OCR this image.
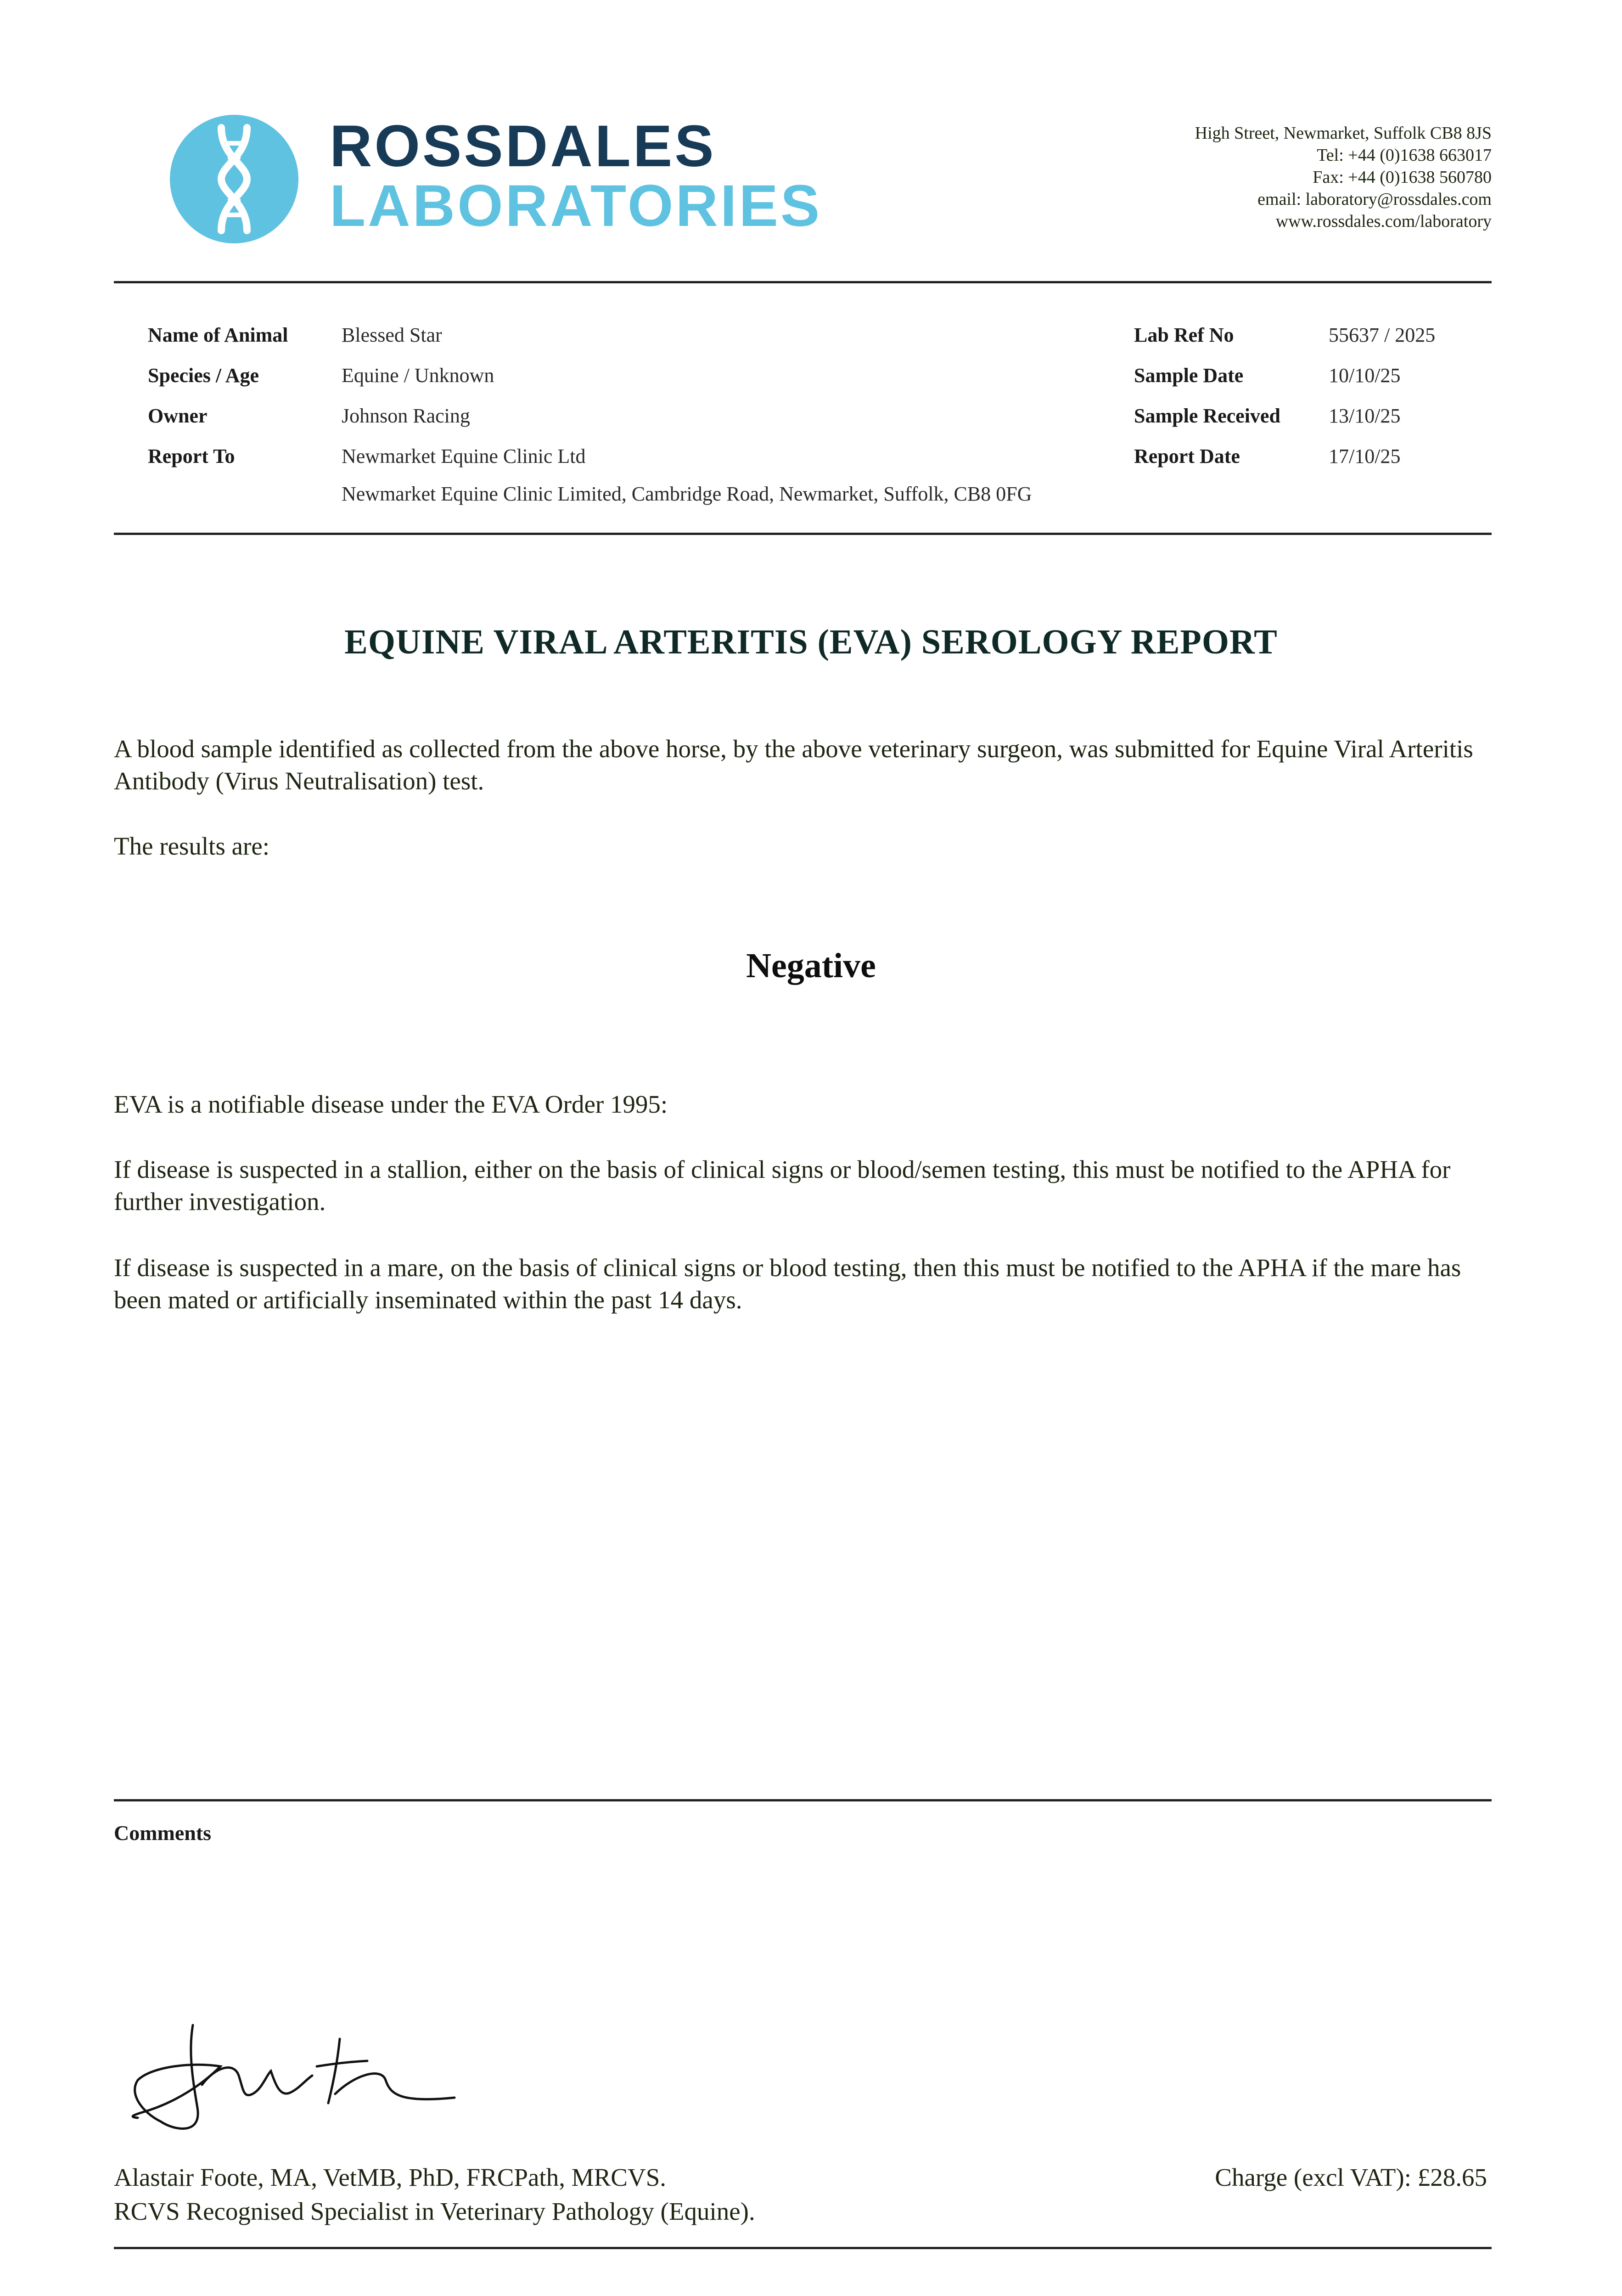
ROSSDALES
LABORATORIES
High Street, Newmarket, Suffolk CB8 8JS
Tel: +44 (0)1638 663017
Fax: +44 (0)1638 560780
email: laboratory@rossdales.com
www.rossdales.com/laboratory
Name of Animal	Blessed Star
Species / Age	Equine / Unknown
Owner	Johnson Racing
Report To	Newmarket Equine Clinic Ltd
Newmarket Equine Clinic Limited, Cambridge Road, Newmarket, Suffolk, CB8 0FG
Lab Ref No	55637 / 2025
Sample Date	10/10/25
Sample Received 13/10/25
Report Date	17/10/25
EQUINE VIRAL ARTERITIS (EVA) SEROLOGY REPORT
A blood sample identified as collected from the above horse, by the above veterinary surgeon, was submitted for Equine Viral Arteritis Antibody (Virus Neutralisation) test.
The results are:
Negative
EVA is a notifiable disease under the EVA Order 1995:
If disease is suspected in a stallion, either on the basis of clinical signs or blood/semen testing, this must be notified to the APHA for further investigation.
If disease is suspected in a mare, on the basis of clinical signs or blood testing, then this must be notified to the APHA if the mare has been mated or artificially inseminated within the past 14 days.
Comments
Alastair Foote, MA, VetMB, PhD, FRCPath, MRCVS.
RCVS Recognised Specialist in Veterinary Pathology (Equine).
Charge (excl VAT): £28.65
